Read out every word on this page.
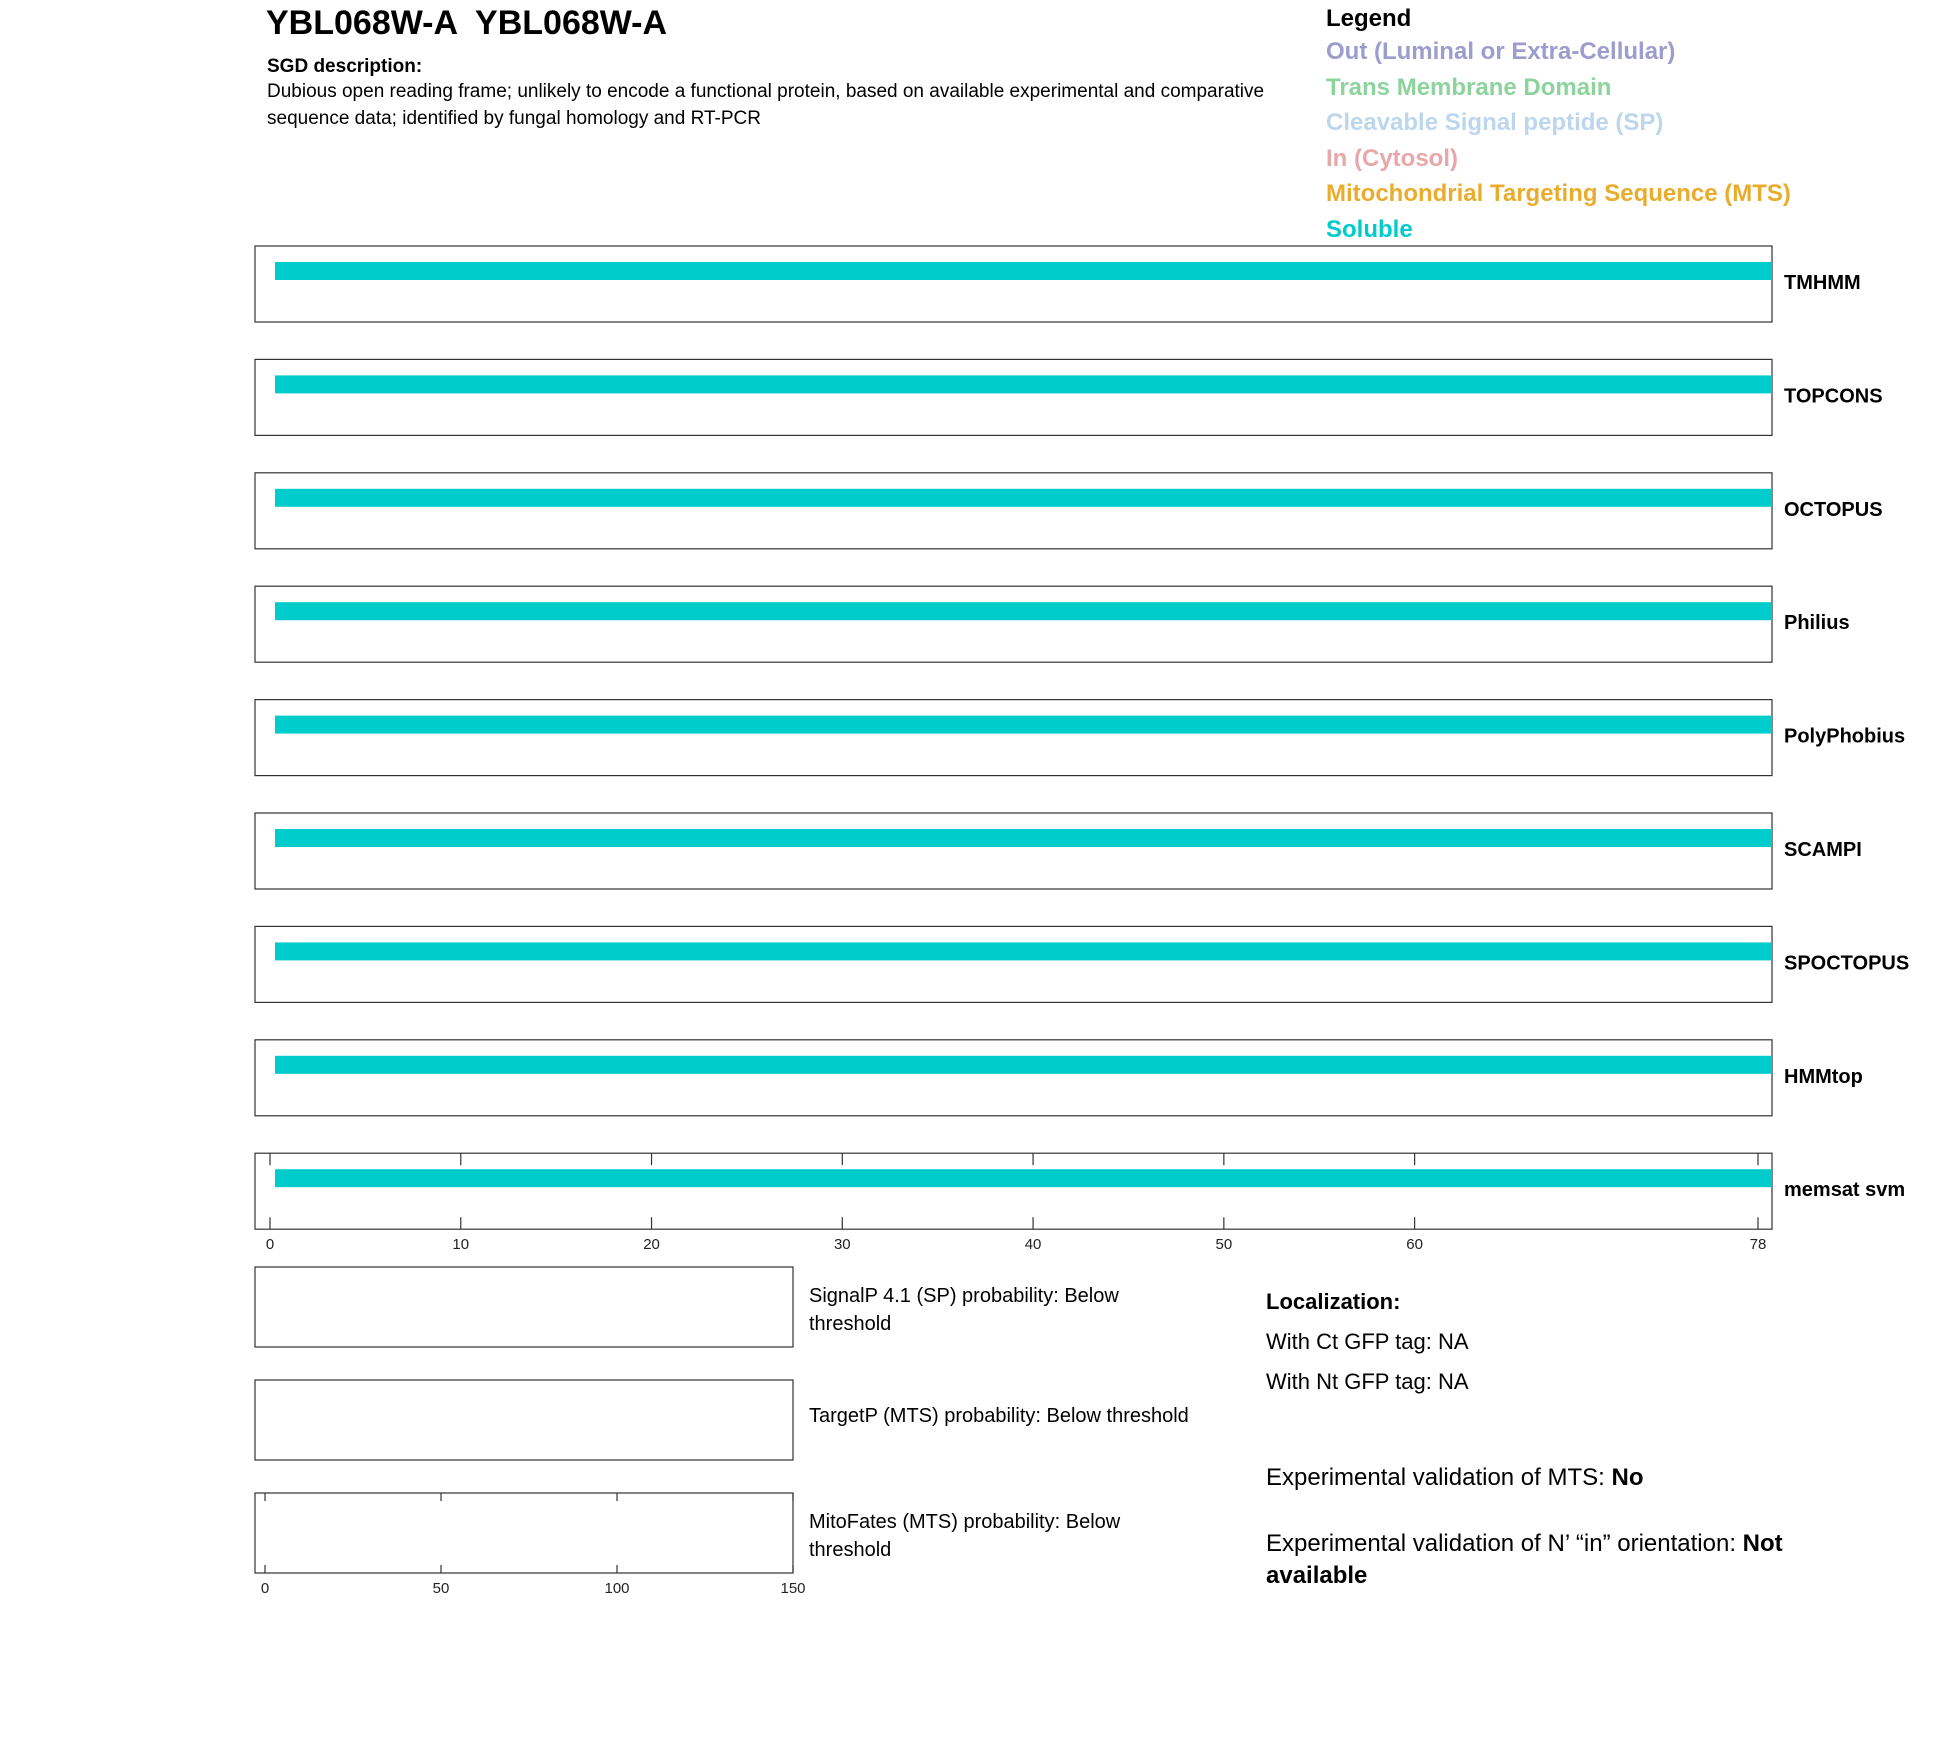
YBL068W-A  YBL068W-A
SGD description:
Dubious open reading frame; unlikely to encode a functional protein, based on available experimental and comparative sequence data; identified by fungal homology and RT-PCR
Legend
Out (Luminal or Extra-Cellular)
Trans Membrane Domain
Cleavable Signal peptide (SP)
In (Cytosol)
Mitochondrial Targeting Sequence (MTS)
Soluble
TMHMM
TOPCONS
OCTOPUS
Philius
PolyPhobius
SCAMPI
SPOCTOPUS
HMMtop
memsat svm
0	10	20	30	40	50	60	78
SignalP 4.1 (SP) probability: Below
threshold
TargetP (MTS) probability: Below threshold
MitoFates (MTS) probability: Below
threshold
0	50	100	150
Localization:
With Ct GFP tag: NA
With Nt GFP tag: NA
Experimental validation of MTS: No
Experimental validation of N’ “in” orientation: Not available
